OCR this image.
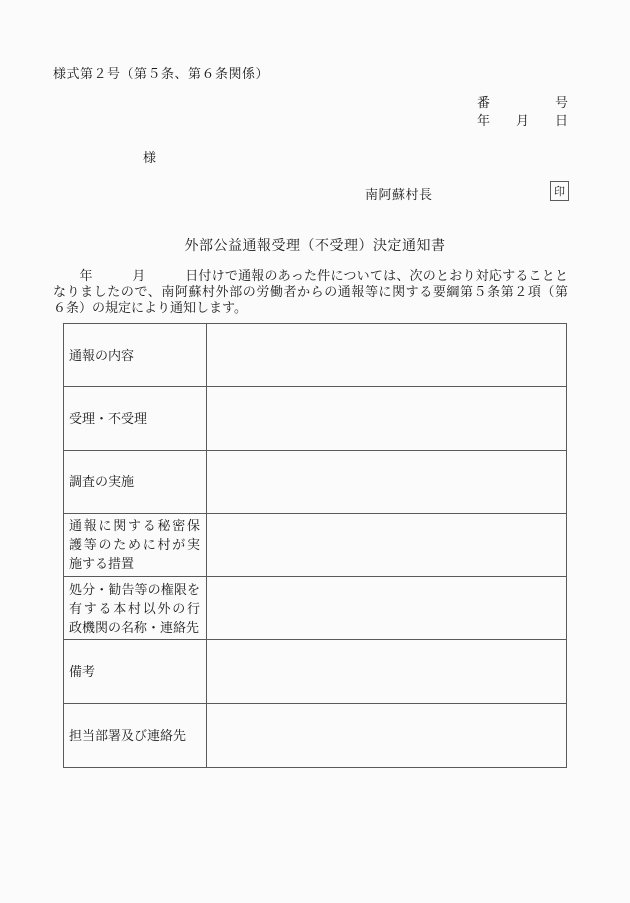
様式第２号（第５条、第６条関係）
番　　　　　号
年　　月　　日
様
南阿蘇村長	印
外部公益通報受理（不受理）決定通知書
　　年　　　月　　　日付けで通報のあった件については、次のとおり対応することと
なりましたので、南阿蘇村外部の労働者からの通報等に関する要綱第５条第２項（第
６条）の規定により通知します。
通報の内容
受理・不受理
調査の実施
通報に関する秘密保
護等のために村が実
施する措置
処分・勧告等の権限を
有する本村以外の行
政機関の名称・連絡先
備考
担当部署及び連絡先
